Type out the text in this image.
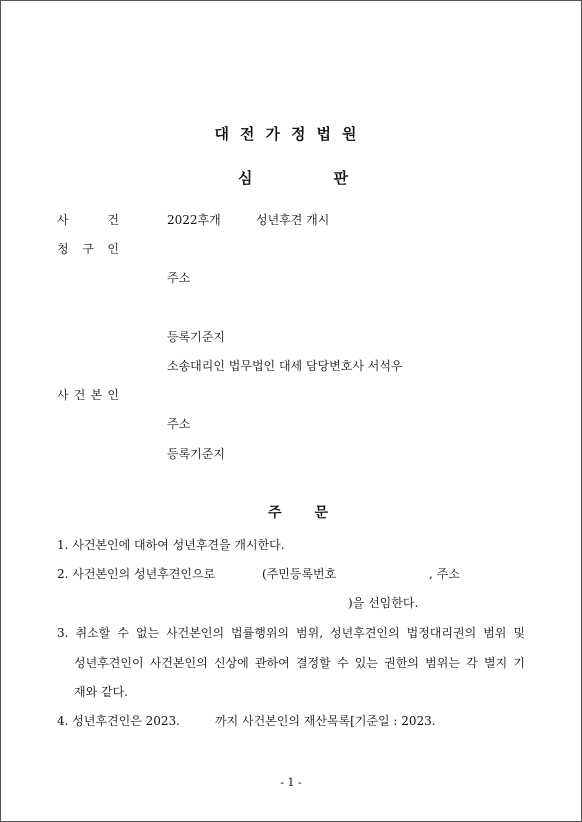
대전가정법원
심	판
사	건	2022후개	성년후견 개시
청 구 인
주소
등록기준지
소송대리인 법무법인 대세 담당변호사 서석우
사 건 본 인
주소
등록기준지
주 문
1. 사건본인에 대하여 성년후견을 개시한다.
2. 사건본인의 성년후견인으로	(주민등록번호	, 주소
)을 선임한다.
3. 취소할 수 없는 사건본인의 법률행위의 범위, 성년후견인의 법정대리권의 범위 및
성년후견인이 사건본인의 신상에 관하여 결정할 수 있는 권한의 범위는 각 별지 기
재와 같다.
4. 성년후견인은 2023.	까지 사건본인의 재산목록[기준일 : 2023.
- 1 -
